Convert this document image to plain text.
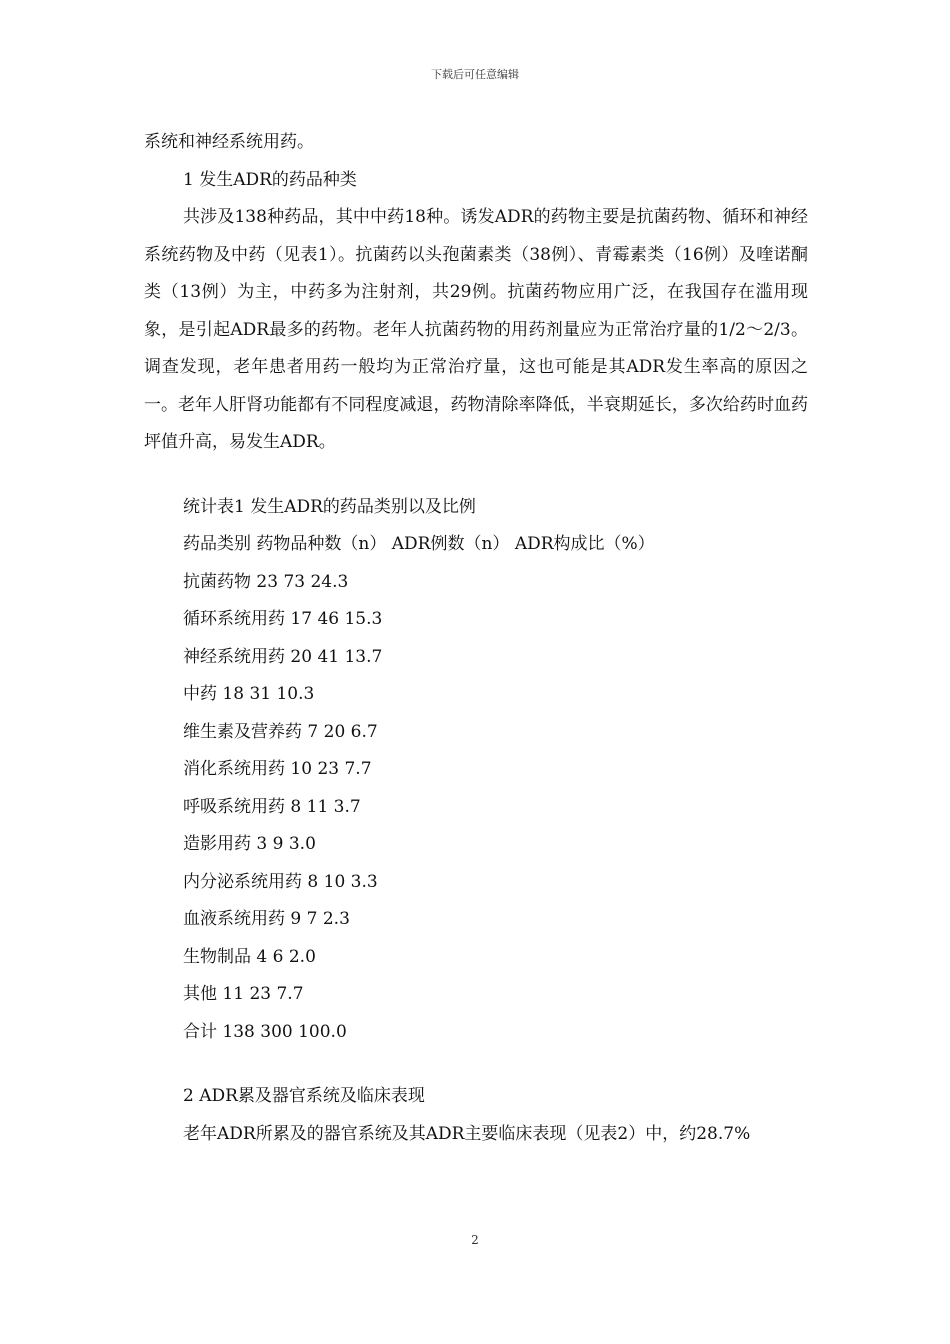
下载后可任意编辑
系统和神经系统用药。
1 发生ADR的药品种类
共涉及138种药品，其中中药18种。诱发ADR的药物主要是抗菌药物、循环和神经系统药物及中药（见表1）。抗菌药以头孢菌素类（38例）、青霉素类（16例）及喹诺酮类（13例）为主，中药多为注射剂，共29例。抗菌药物应用广泛，在我国存在滥用现象，是引起ADR最多的药物。老年人抗菌药物的用药剂量应为正常治疗量的1/2～2/3。调查发现，老年患者用药一般均为正常治疗量，这也可能是其ADR发生率高的原因之一。老年人肝肾功能都有不同程度减退，药物清除率降低，半衰期延长，多次给药时血药坪值升高，易发生ADR。
统计表1 发生ADR的药品类别以及比例
药品类别 药物品种数（n） ADR例数（n） ADR构成比（%）
抗菌药物 23 73 24.3
循环系统用药 17 46 15.3
神经系统用药 20 41 13.7
中药 18 31 10.3
维生素及营养药 7 20 6.7
消化系统用药 10 23 7.7
呼吸系统用药 8 11 3.7
造影用药 3 9 3.0
内分泌系统用药 8 10 3.3
血液系统用药 9 7 2.3
生物制品 4 6 2.0
其他 11 23 7.7
合计 138 300 100.0
2 ADR累及器官系统及临床表现
老年ADR所累及的器官系统及其ADR主要临床表现（见表2）中，约28.7%
2
